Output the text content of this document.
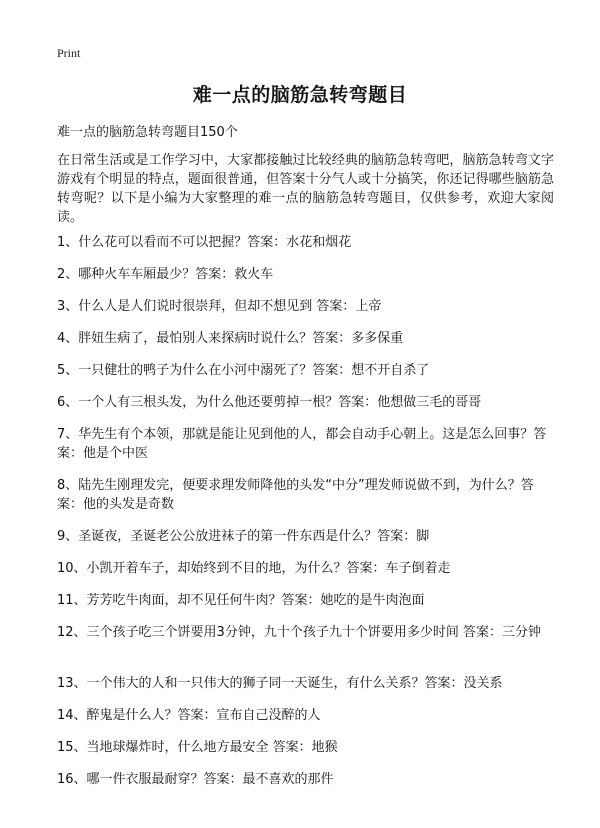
Print
难一点的脑筋急转弯题目
难一点的脑筋急转弯题目150个

在日常生活或是工作学习中，大家都接触过比较经典的脑筋急转弯吧，脑筋急转弯文字游戏有个明显的特点，题面很普通，但答案十分气人或十分搞笑，你还记得哪些脑筋急转弯呢？以下是小编为大家整理的难一点的脑筋急转弯题目，仅供参考，欢迎大家阅读。

1、什么花可以看而不可以把握？答案：水花和烟花
2、哪种火车车厢最少？答案：救火车
3、什么人是人们说时很崇拜，但却不想见到 答案：上帝
4、胖妞生病了，最怕别人来探病时说什么？答案：多多保重
5、一只健壮的鸭子为什么在小河中溺死了？答案：想不开自杀了
6、一个人有三根头发，为什么他还要剪掉一根？答案：他想做三毛的哥哥
7、华先生有个本领，那就是能让见到他的人，都会自动手心朝上。这是怎么回事？答案：他是个中医
8、陆先生刚理发完，便要求理发师降他的头发“中分”理发师说做不到，为什么？答案：他的头发是奇数
9、圣诞夜，圣诞老公公放进袜子的第一件东西是什么？答案：脚
10、小凯开着车子，却始终到不目的地，为什么？答案：车子倒着走
11、芳芳吃牛肉面，却不见任何牛肉？答案：她吃的是牛肉泡面
12、三个孩子吃三个饼要用3分钟，九十个孩子九十个饼要用多少时间 答案：三分钟
13、一个伟大的人和一只伟大的狮子同一天诞生，有什么关系？答案：没关系
14、醉鬼是什么人？答案：宣布自己没醉的人
15、当地球爆炸时，什么地方最安全 答案：地猴
16、哪一件衣服最耐穿？答案：最不喜欢的那件
